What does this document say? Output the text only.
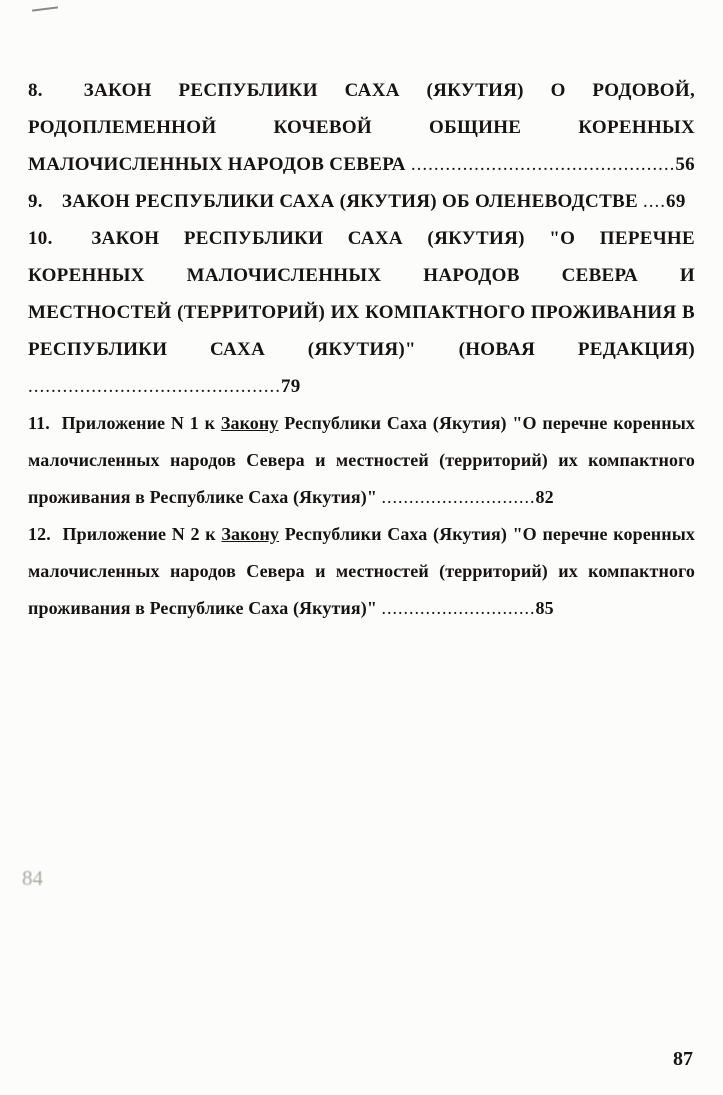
8. ЗАКОН РЕСПУБЛИКИ САХА (ЯКУТИЯ) О РОДОВОЙ, РОДОПЛЕМЕННОЙ КОЧЕВОЙ ОБЩИНЕ КОРЕННЫХ МАЛОЧИСЛЕННЫХ НАРОДОВ СЕВЕРА ..............................................56

9. ЗАКОН РЕСПУБЛИКИ САХА (ЯКУТИЯ) ОБ ОЛЕНЕВОДСТВЕ ....69

10. ЗАКОН РЕСПУБЛИКИ САХА (ЯКУТИЯ) "О ПЕРЕЧНЕ КОРЕННЫХ МАЛОЧИСЛЕННЫХ НАРОДОВ СЕВЕРА И МЕСТНОСТЕЙ (ТЕРРИТОРИЙ) ИХ КОМПАКТНОГО ПРОЖИВАНИЯ В РЕСПУБЛИКИ САХА (ЯКУТИЯ)" (НОВАЯ РЕДАКЦИЯ) ............................................79

11. Приложение N 1 к Закону Республики Саха (Якутия) "О перечне коренных малочисленных народов Севера и местностей (территорий) их компактного проживания в Республике Саха (Якутия)" ............................82

12. Приложение N 2 к Закону Республики Саха (Якутия) "О перечне коренных малочисленных народов Севера и местностей (территорий) их компактного проживания в Республике Саха (Якутия)" ............................85

84
87
